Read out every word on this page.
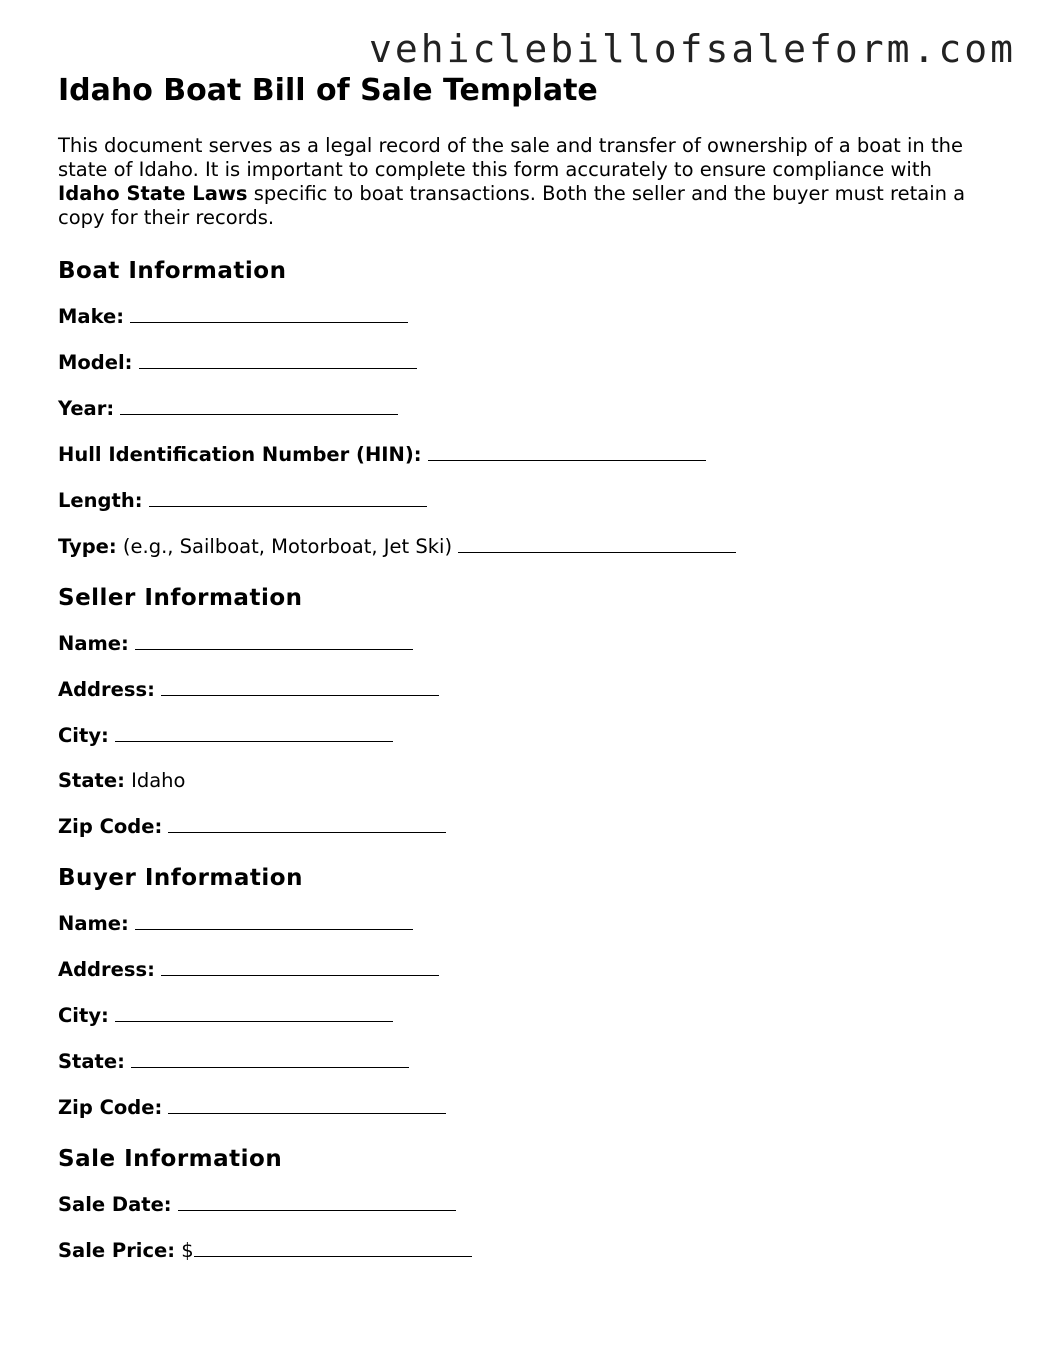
vehiclebillofsaleform.com
Idaho Boat Bill of Sale Template

This document serves as a legal record of the sale and transfer of ownership of a boat in the state of Idaho. It is important to complete this form accurately to ensure compliance with Idaho State Laws specific to boat transactions. Both the seller and the buyer must retain a copy for their records.

Boat Information
Make:
Model:
Year:
Hull Identification Number (HIN):
Length:
Type: (e.g., Sailboat, Motorboat, Jet Ski)
Seller Information
Name:
Address:
City:
State: Idaho
Zip Code:
Buyer Information
Name:
Address:
City:
State:
Zip Code:
Sale Information
Sale Date:
Sale Price: $
